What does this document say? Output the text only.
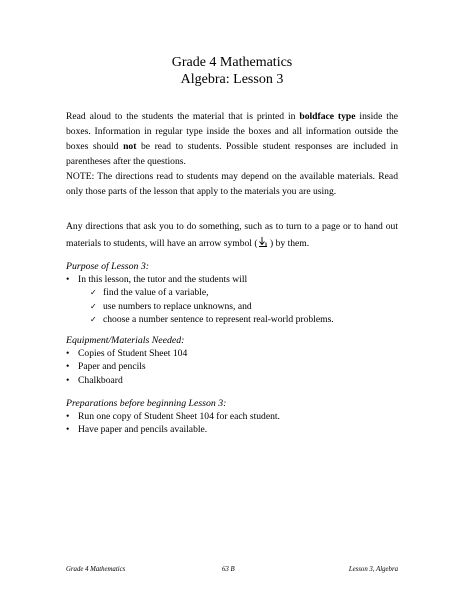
Grade 4 Mathematics
Algebra: Lesson 3
Read aloud to the students the material that is printed in boldface type inside the boxes. Information in regular type inside the boxes and all information outside the boxes should not be read to students. Possible student responses are included in parentheses after the questions.
NOTE: The directions read to students may depend on the available materials. Read only those parts of the lesson that apply to the materials you are using.
Any directions that ask you to do something, such as to turn to a page or to hand out materials to students, will have an arrow symbol ( ) by them.
Purpose of Lesson 3:
• In this lesson, the tutor and the students will
✓ find the value of a variable,
✓ use numbers to replace unknowns, and
✓ choose a number sentence to represent real-world problems.
Equipment/Materials Needed:
• Copies of Student Sheet 104
• Paper and pencils
• Chalkboard
Preparations before beginning Lesson 3:
• Run one copy of Student Sheet 104 for each student.
• Have paper and pencils available.
Grade 4 Mathematics	63 B	Lesson 3, Algebra
